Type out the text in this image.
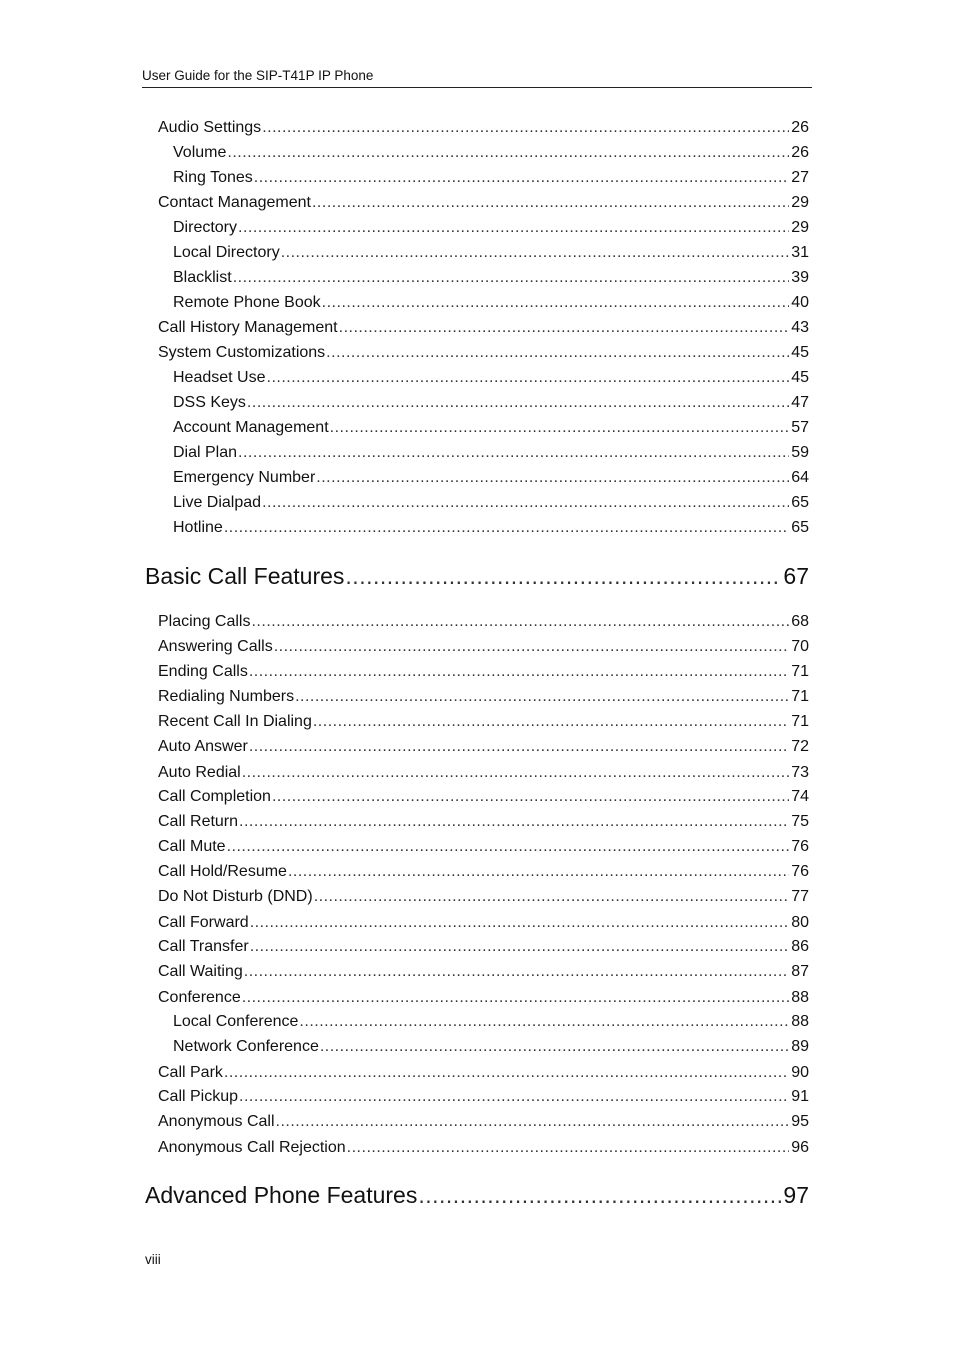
User Guide for the SIP-T41P IP Phone
Audio Settings .....	26
Volume .....	26
Ring Tones .....	27
Contact Management .....	29
Directory .....	29
Local Directory .....	31
Blacklist .....	39
Remote Phone Book .....	40
Call History Management .....	43
System Customizations .....	45
Headset Use .....	45
DSS Keys .....	47
Account Management .....	57
Dial Plan .....	59
Emergency Number .....	64
Live Dialpad .....	65
Hotline .....	65
Basic Call Features .....	67
Placing Calls .....	68
Answering Calls .....	70
Ending Calls .....	71
Redialing Numbers .....	71
Recent Call In Dialing .....	71
Auto Answer .....	72
Auto Redial .....	73
Call Completion .....	74
Call Return .....	75
Call Mute .....	76
Call Hold/Resume .....	76
Do Not Disturb (DND) .....	77
Call Forward .....	80
Call Transfer .....	86
Call Waiting .....	87
Conference .....	88
Local Conference .....	88
Network Conference .....	89
Call Park .....	90
Call Pickup .....	91
Anonymous Call .....	95
Anonymous Call Rejection .....	96
Advanced Phone Features .....	97
viii
